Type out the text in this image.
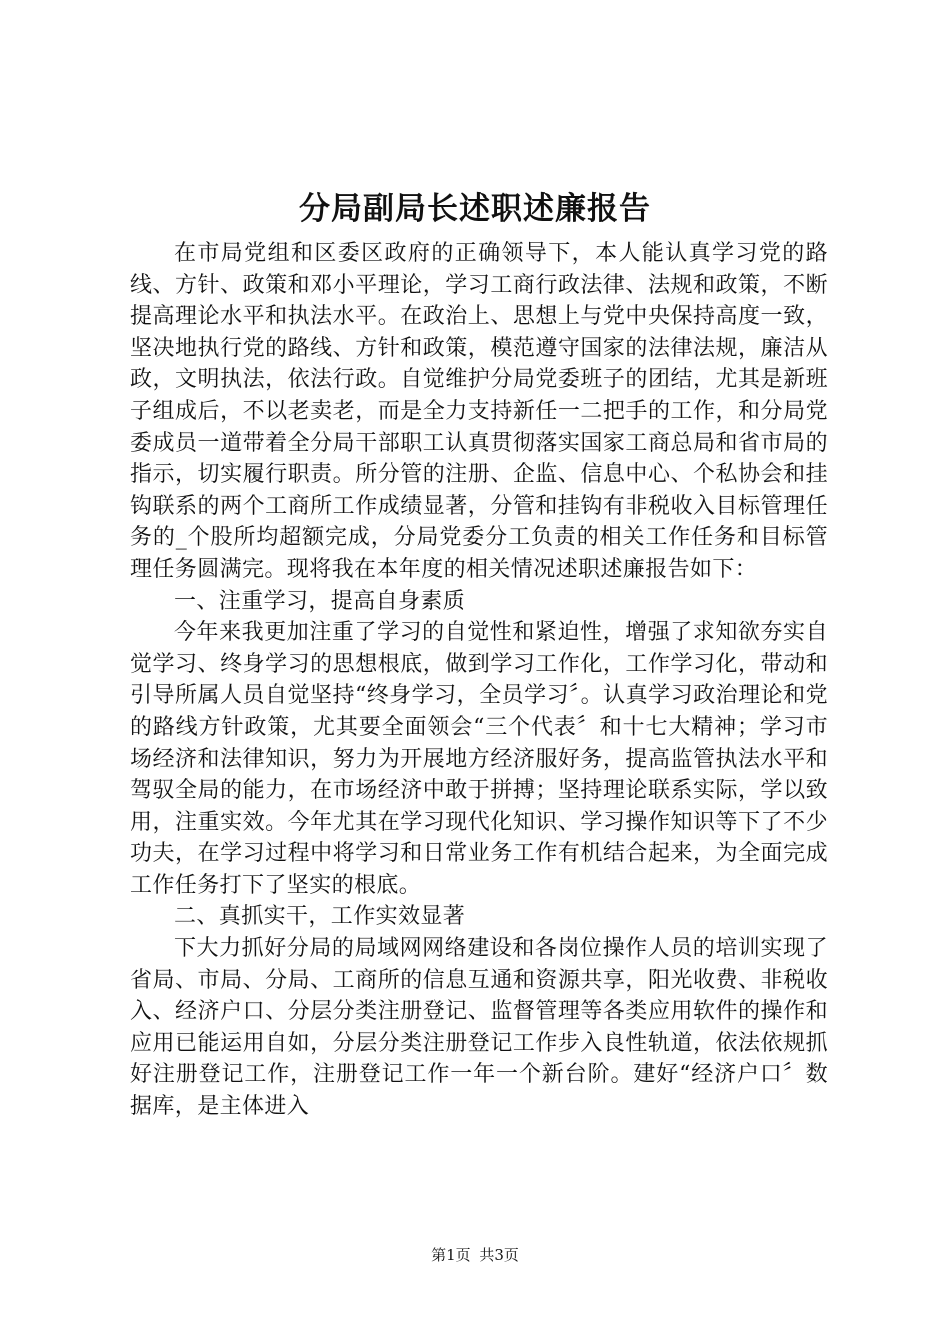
分局副局长述职述廉报告

在市局党组和区委区政府的正确领导下，本人能认真学习党的路线、方针、政策和邓小平理论，学习工商行政法律、法规和政策，不断提高理论水平和执法水平。在政治上、思想上与党中央保持高度一致，坚决地执行党的路线、方针和政策，模范遵守国家的法律法规，廉洁从政，文明执法，依法行政。自觉维护分局党委班子的团结，尤其是新班子组成后，不以老卖老，而是全力支持新任一二把手的工作，和分局党委成员一道带着全分局干部职工认真贯彻落实国家工商总局和省市局的指示，切实履行职责。所分管的注册、企监、信息中心、个私协会和挂钩联系的两个工商所工作成绩显著，分管和挂钩有非税收入目标管理任务的_个股所均超额完成，分局党委分工负责的相关工作任务和目标管理任务圆满完。现将我在本年度的相关情况述职述廉报告如下：

一、注重学习，提高自身素质

今年来我更加注重了学习的自觉性和紧迫性，增强了求知欲夯实自觉学习、终身学习的思想根底，做到学习工作化，工作学习化，带动和引导所属人员自觉坚持“终身学习，全员学习〞。认真学习政治理论和党的路线方针政策，尤其要全面领会“三个代表〞和十七大精神；学习市场经济和法律知识，努力为开展地方经济服好务，提高监管执法水平和驾驭全局的能力，在市场经济中敢于拼搏；坚持理论联系实际，学以致用，注重实效。今年尤其在学习现代化知识、学习操作知识等下了不少功夫，在学习过程中将学习和日常业务工作有机结合起来，为全面完成工作任务打下了坚实的根底。

二、真抓实干，工作实效显著

下大力抓好分局的局域网网络建设和各岗位操作人员的培训实现了省局、市局、分局、工商所的信息互通和资源共享，阳光收费、非税收入、经济户口、分层分类注册登记、监督管理等各类应用软件的操作和应用已能运用自如，分层分类注册登记工作步入良性轨道，依法依规抓好注册登记工作，注册登记工作一年一个新台阶。建好“经济户口〞数据库，是主体进入

第1页 共3页
